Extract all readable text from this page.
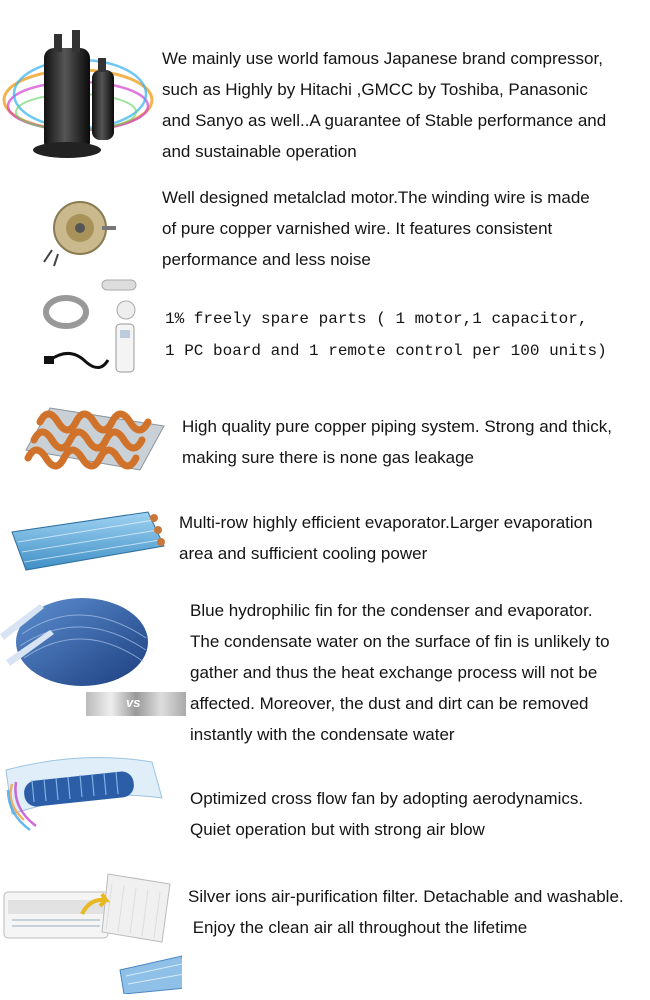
We mainly use world famous Japanese brand compressor,
such as Highly by Hitachi ,GMCC by Toshiba, Panasonic
and Sanyo as well..A guarantee of Stable performance and
and sustainable operation
Well designed metalclad motor.The winding wire is made
of pure copper varnished wire. It features consistent
performance and less noise
1% freely spare parts ( 1 motor,1 capacitor,
1 PC board and 1 remote control per 100 units)
High quality pure copper piping system. Strong and thick,
making sure there is none gas leakage
Multi-row highly efficient evaporator.Larger evaporation
area and sufficient cooling power
vs
Blue hydrophilic fin for the condenser and evaporator.
The condensate water on the surface of fin is unlikely to
gather and thus the heat exchange process will not be
affected. Moreover, the dust and dirt can be removed
instantly with the condensate water
Optimized cross flow fan by adopting aerodynamics.
Quiet operation but with strong air blow
Silver ions air-purification filter. Detachable and washable.
Enjoy the clean air all throughout the lifetime
